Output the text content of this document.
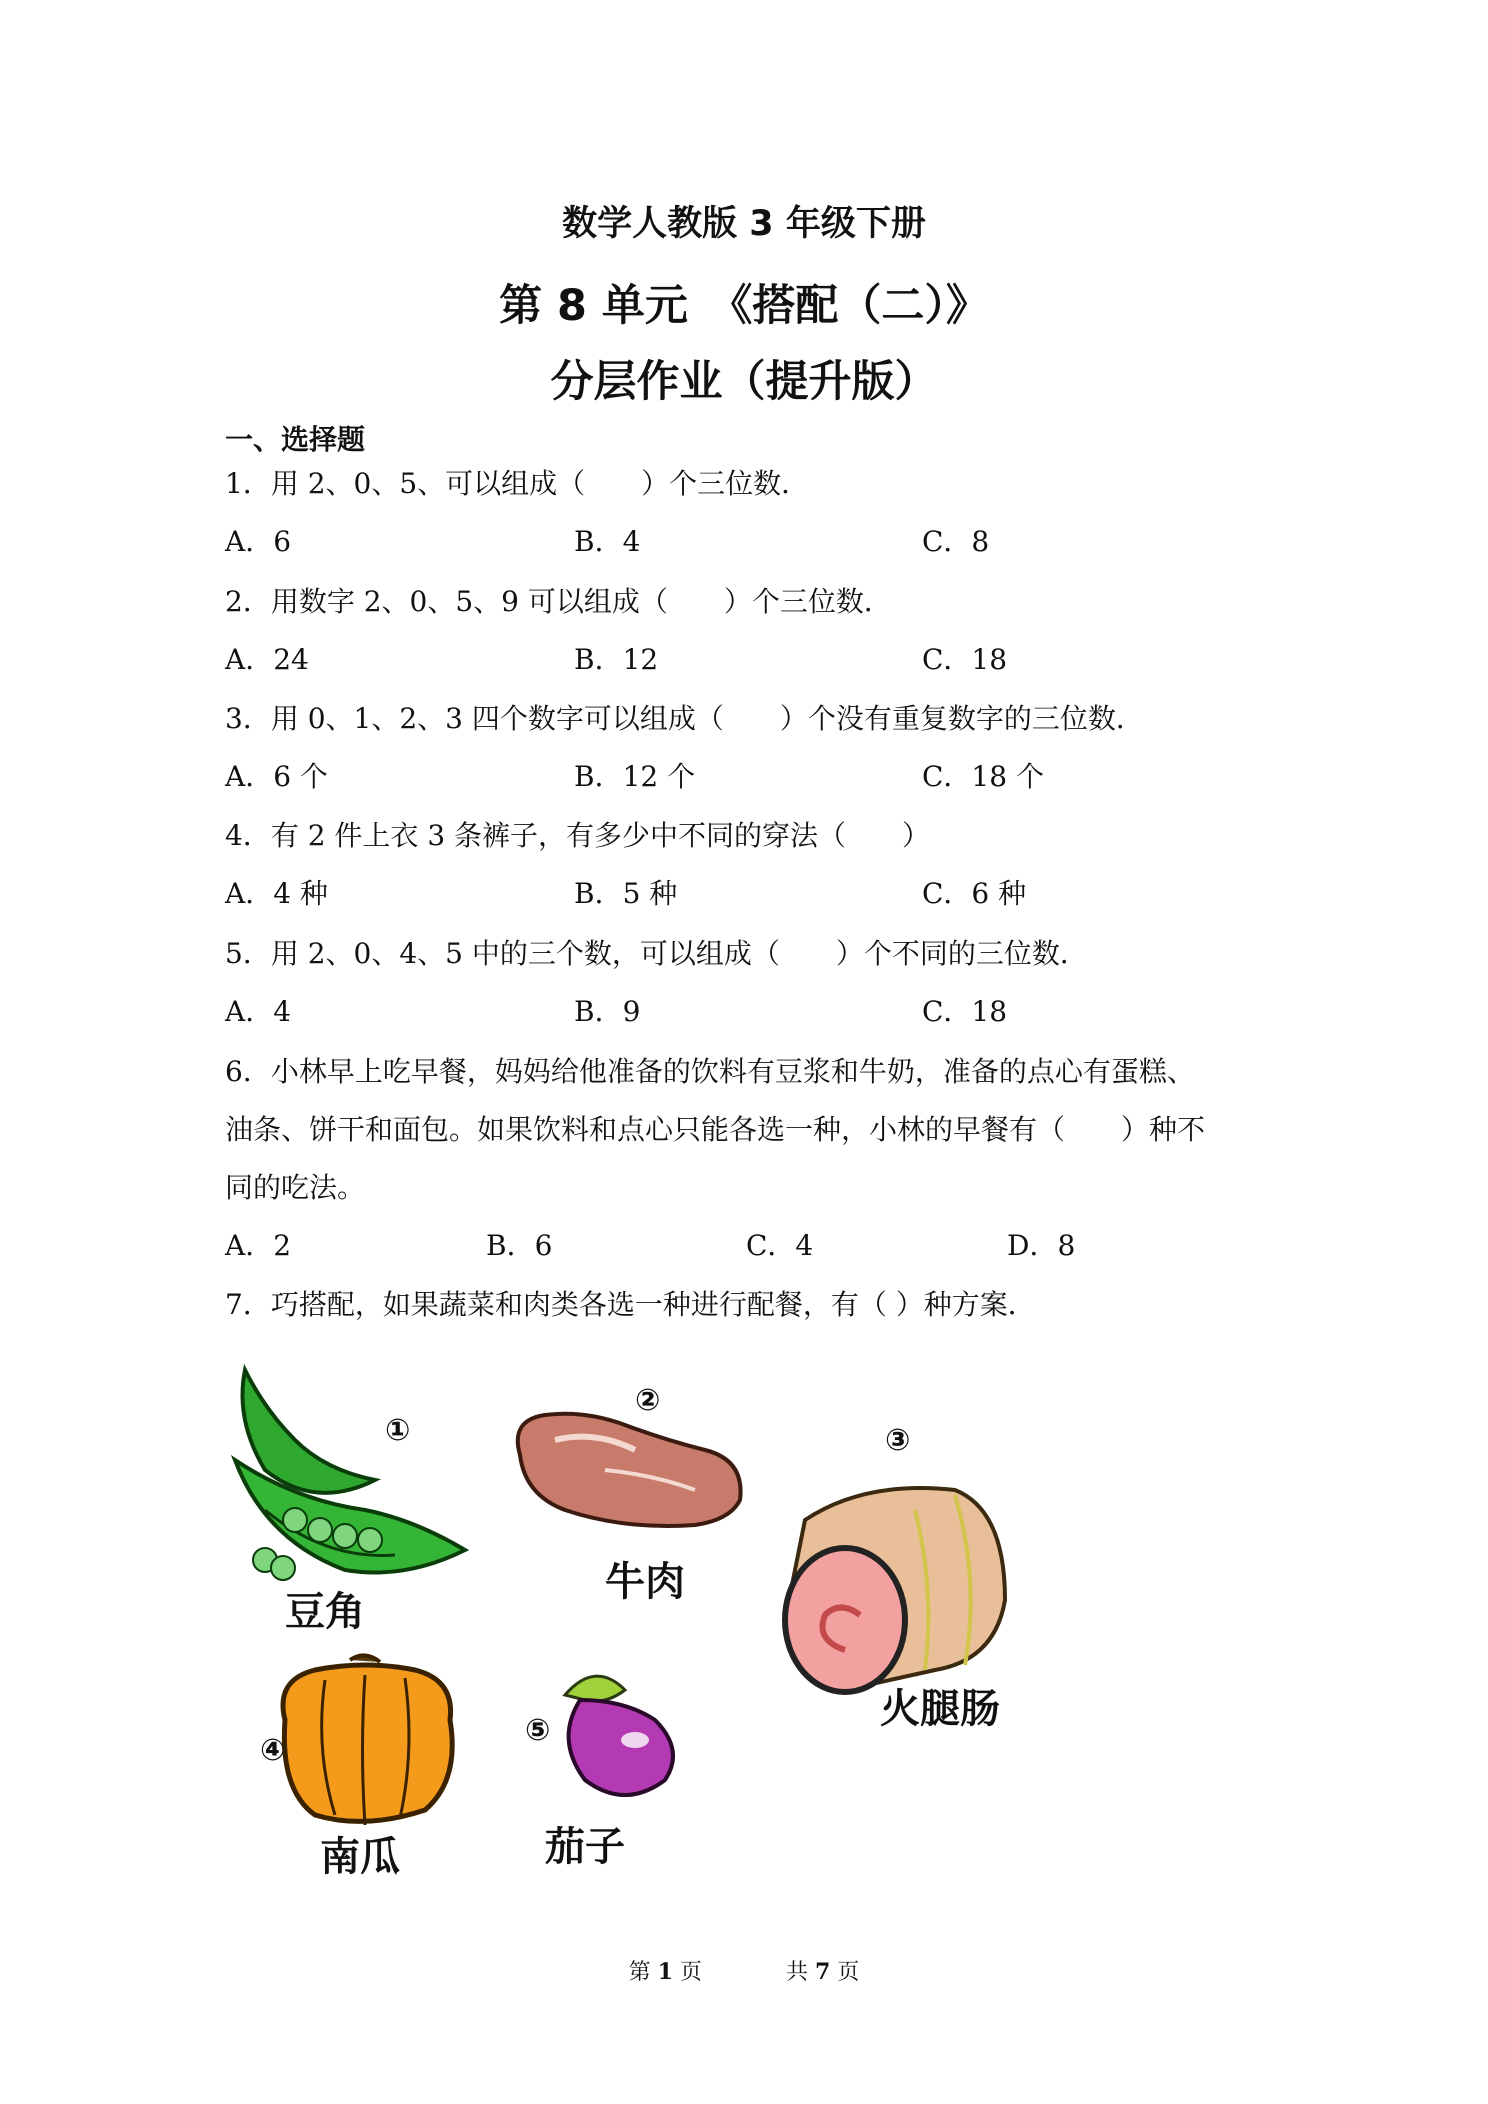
数学人教版 3 年级下册
第 8 单元　《搭配（二）》
分层作业（提升版）
一、选择题
1．用 2、0、5、可以组成（　　）个三位数．
A．6	B．4	C．8
2．用数字 2、0、5、9 可以组成（　　）个三位数．
A．24	B．12	C．18
3．用 0、1、2、3 四个数字可以组成（　　）个没有重复数字的三位数．
A．6 个	B．12 个	C．18 个
4．有 2 件上衣 3 条裤子，有多少中不同的穿法（　　）
A．4 种	B．5 种	C．6 种
5．用 2、0、4、5 中的三个数，可以组成（　　）个不同的三位数．
A．4	B．9	C．18
6．小林早上吃早餐，妈妈给他准备的饮料有豆浆和牛奶，准备的点心有蛋糕、
油条、饼干和面包。如果饮料和点心只能各选一种，小林的早餐有（　　）种不
同的吃法。
A．2	B．6	C．4	D．8
7．巧搭配，如果蔬菜和肉类各选一种进行配餐，有（ ）种方案．
①
豆角
②
牛肉
③
火腿肠
④
南瓜
⑤
茄子
第 1 页	共 7 页
